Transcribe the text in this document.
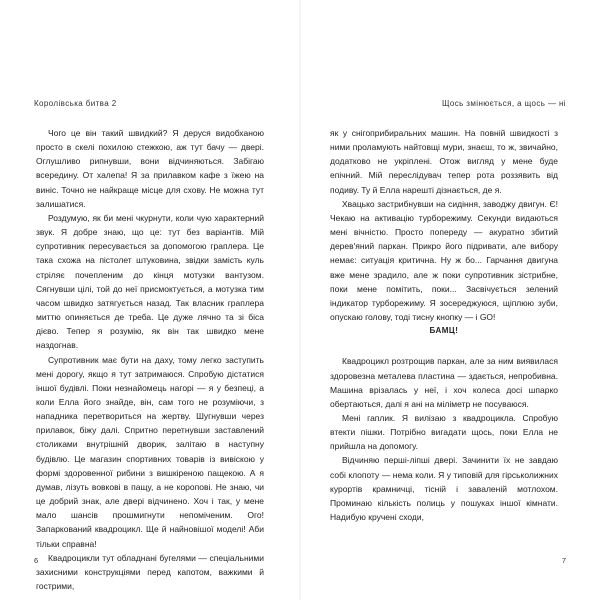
Королівська битва 2

Чого це він такий швидкий? Я деруся видобханою просто в скелі похилою стежкою, аж тут бачу — двері. Оглушливо рипнувши, вони відчиняються. Забігаю всередину. От халепа! Я за прилавком кафе з їжею на виніс. Точно не найкраще місце для схову. Не можна тут залишатися.

Роздумую, як би мені чкурнути, коли чую характерний звук. Я добре знаю, що це: тут без варіантів. Мій супротивник пересувається за допомогою граплера. Це така схожа на пістолет штуковина, звідки замість куль стріляє почепленим до кінця мотузки вантузом. Сягнувши цілі, той до неї присмоктується, а мотузка тим часом швидко затягується назад. Так власник граплера миттю опиняється де треба. Це дуже лячно та зі біса дієво. Тепер я розумію, як він так швидко мене наздогнав.

Супротивник має бути на даху, тому легко заступить мені дорогу, якщо я тут затримаюся. Спробую дістатися іншої будівлі. Поки незнайомець нагорі — я у безпеці, а коли Елла його знайде, він, сам того не розуміючи, з нападника перетвориться на жертву. Шугнувши через прилавок, біжу далі. Спритно перетнувши заставлений столиками внутрішній дворик, залітаю в наступну будівлю. Це магазин спортивних товарів із вивіскою у формі здоровенної рибини з вишкіреною пащекою. А я думав, лізуть вовкові в пащу, а не коропові. Не знаю, чи це добрий знак, але двері відчинено. Хоч і так, у мене мало шансів прошмигнути непоміченим. Ого! Запаркований квадроцикл. Ще й найновішої моделі! Аби тільки справна!

Квадроцикли тут обладнані бугелями — спеціальними захисними конструкціями перед капотом, важкими й гострими,

6
Щось змінюється, а щось — ні

як у снігоприбиральних машин. На повній швидкості з ними проламують найтовщі мури, знаєш, то ж, звичайно, додатково не укріплені. Отож вигляд у мене буде епічний. Мій переслідувач тепер рота роззявить від подиву. Ту й Елла нарешті дізнається, де я.

Хвацько застрибнувши на сидіння, заводжу двигун. Є! Чекаю на активацію турборежиму. Секунди видаються мені вічністю. Просто попереду — акуратно збитий дерев'яний паркан. Прикро його підривати, але вибору немає: ситуація критична. Ну ж бо... Гарчання двигуна вже мене зрадило, але ж поки супротивник зістрибне, поки мене помітить, поки... Засвічується зелений індикатор турборежиму. Я зосереджуюся, щіплюю зуби, опускаю голову, тоді тисну кнопку — і GO!

БАМЦ!

Квадроцикл розтрощив паркан, але за ним виявилася здоровезна металева пластина — здається, непробивна. Машина врізалась у неї, і хоч колеса досі шпарко обертаються, далі я ані на міліметр не посуваюся.

Мені гаплик. Я вилізаю з квадроцикла. Спробую втекти пішки. Потрібно вигадати щось, поки Елла не прийшла на допомогу.

Відчиняю перші-ліпші двері. Зачинити їх не завдаю собі клопоту — нема коли. Я у типовій для гірськолижних курортів крамничці, тісній і заваленій мотлохом. Проминаю кількість полиць у пошуках іншої кімнати. Надибую кручені сходи,

7
